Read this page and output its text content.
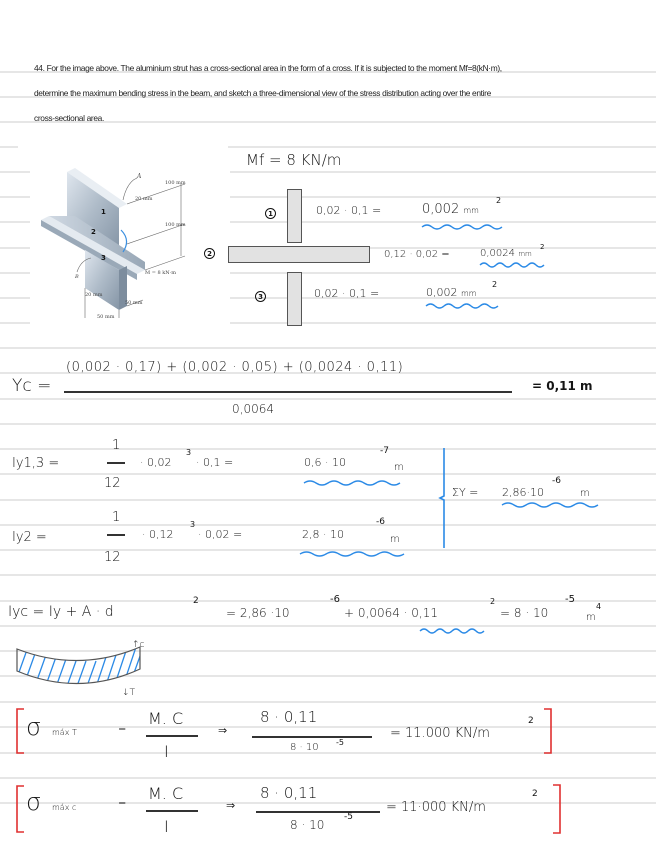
44. For the image above. The aluminium strut has a cross-sectional area in the form of a cross. If it is subjected to the moment Mf=8(kN·m),
determine the maximum bending stress in the beam, and sketch a three-dimensional view of the stress distribution acting over the entire
cross-sectional area.
A
100 mm
20 mm
100 mm
M = 8 kN·m
B
20 mm
50 mm
50 mm
1
2
3
Mf = 8 KN/m
1
2
3
0,02 · 0,1 =	0,002 mm
2
0,12 · 0,02 =	0,0024 mm
2
0,02 · 0,1 =	0,002 mm
2
Yc =
(0,002 · 0,17) + (0,002 · 0,05) + (0,0024 · 0,11)
0,0064
= 0,11 m
Iy1,3 =
1
12
· 0,02
3
· 0,1 =	0,6 · 10
-7
m
Iy2 =
1
12
· 0,12
3
· 0,02 =	2,8 · 10
-6
m
ΣY = 2,86·10
-6
m
Iyc = Iy + A · d
2
= 2,86 ·10
-6
+ 0,0064 · 0,11
2
= 8 · 10
-5
m
4
↑c
↓T
σ máx T	=
M. C
I
⇒
8 · 0,11
8 · 10 -5
= 11.000 KN/m
2
σ máx c	=
M. C
I
⇒
8 · 0,11
8 · 10
-5
= 11·000 KN/m
2
